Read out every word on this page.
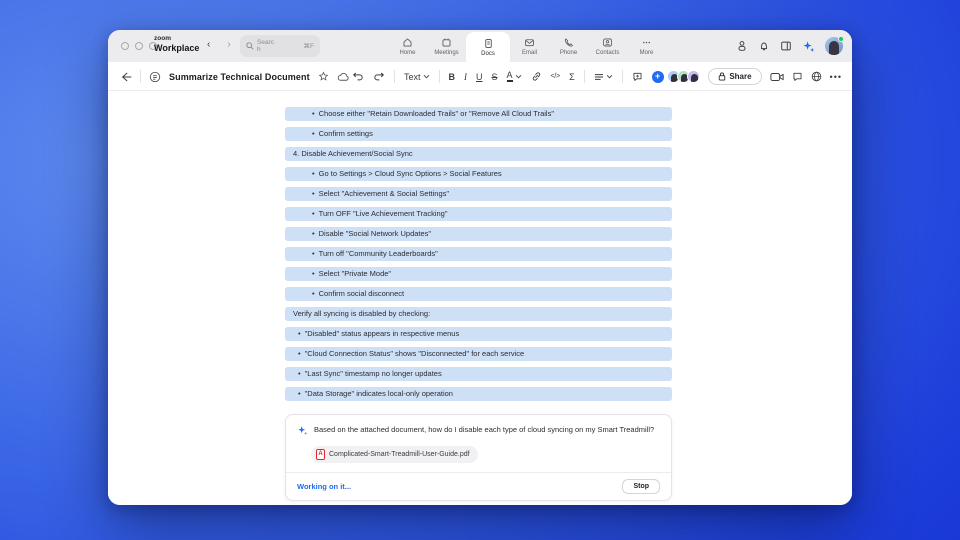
zoom
Workplace ‹ ›	Search	⌘F
Home	Meetings	Docs	Email	Phone	Contacts	More
Summarize Technical Document	Text	B I U S A	</> Σ	+	Share	•••
• Choose either "Retain Downloaded Trails" or "Remove All Cloud Trails"
• Confirm settings
4. Disable Achievement/Social Sync
• Go to Settings > Cloud Sync Options > Social Features
• Select "Achievement & Social Settings"
• Turn OFF "Live Achievement Tracking"
• Disable "Social Network Updates"
• Turn off "Community Leaderboards"
• Select "Private Mode"
• Confirm social disconnect
Verify all syncing is disabled by checking:
• "Disabled" status appears in respective menus
• "Cloud Connection Status" shows "Disconnected" for each service
• "Last Sync" timestamp no longer updates
• "Data Storage" indicates local-only operation
Based on the attached document, how do I disable each type of cloud syncing on my Smart Treadmill?
A Complicated-Smart-Treadmill-User-Guide.pdf
Working on it...	Stop
